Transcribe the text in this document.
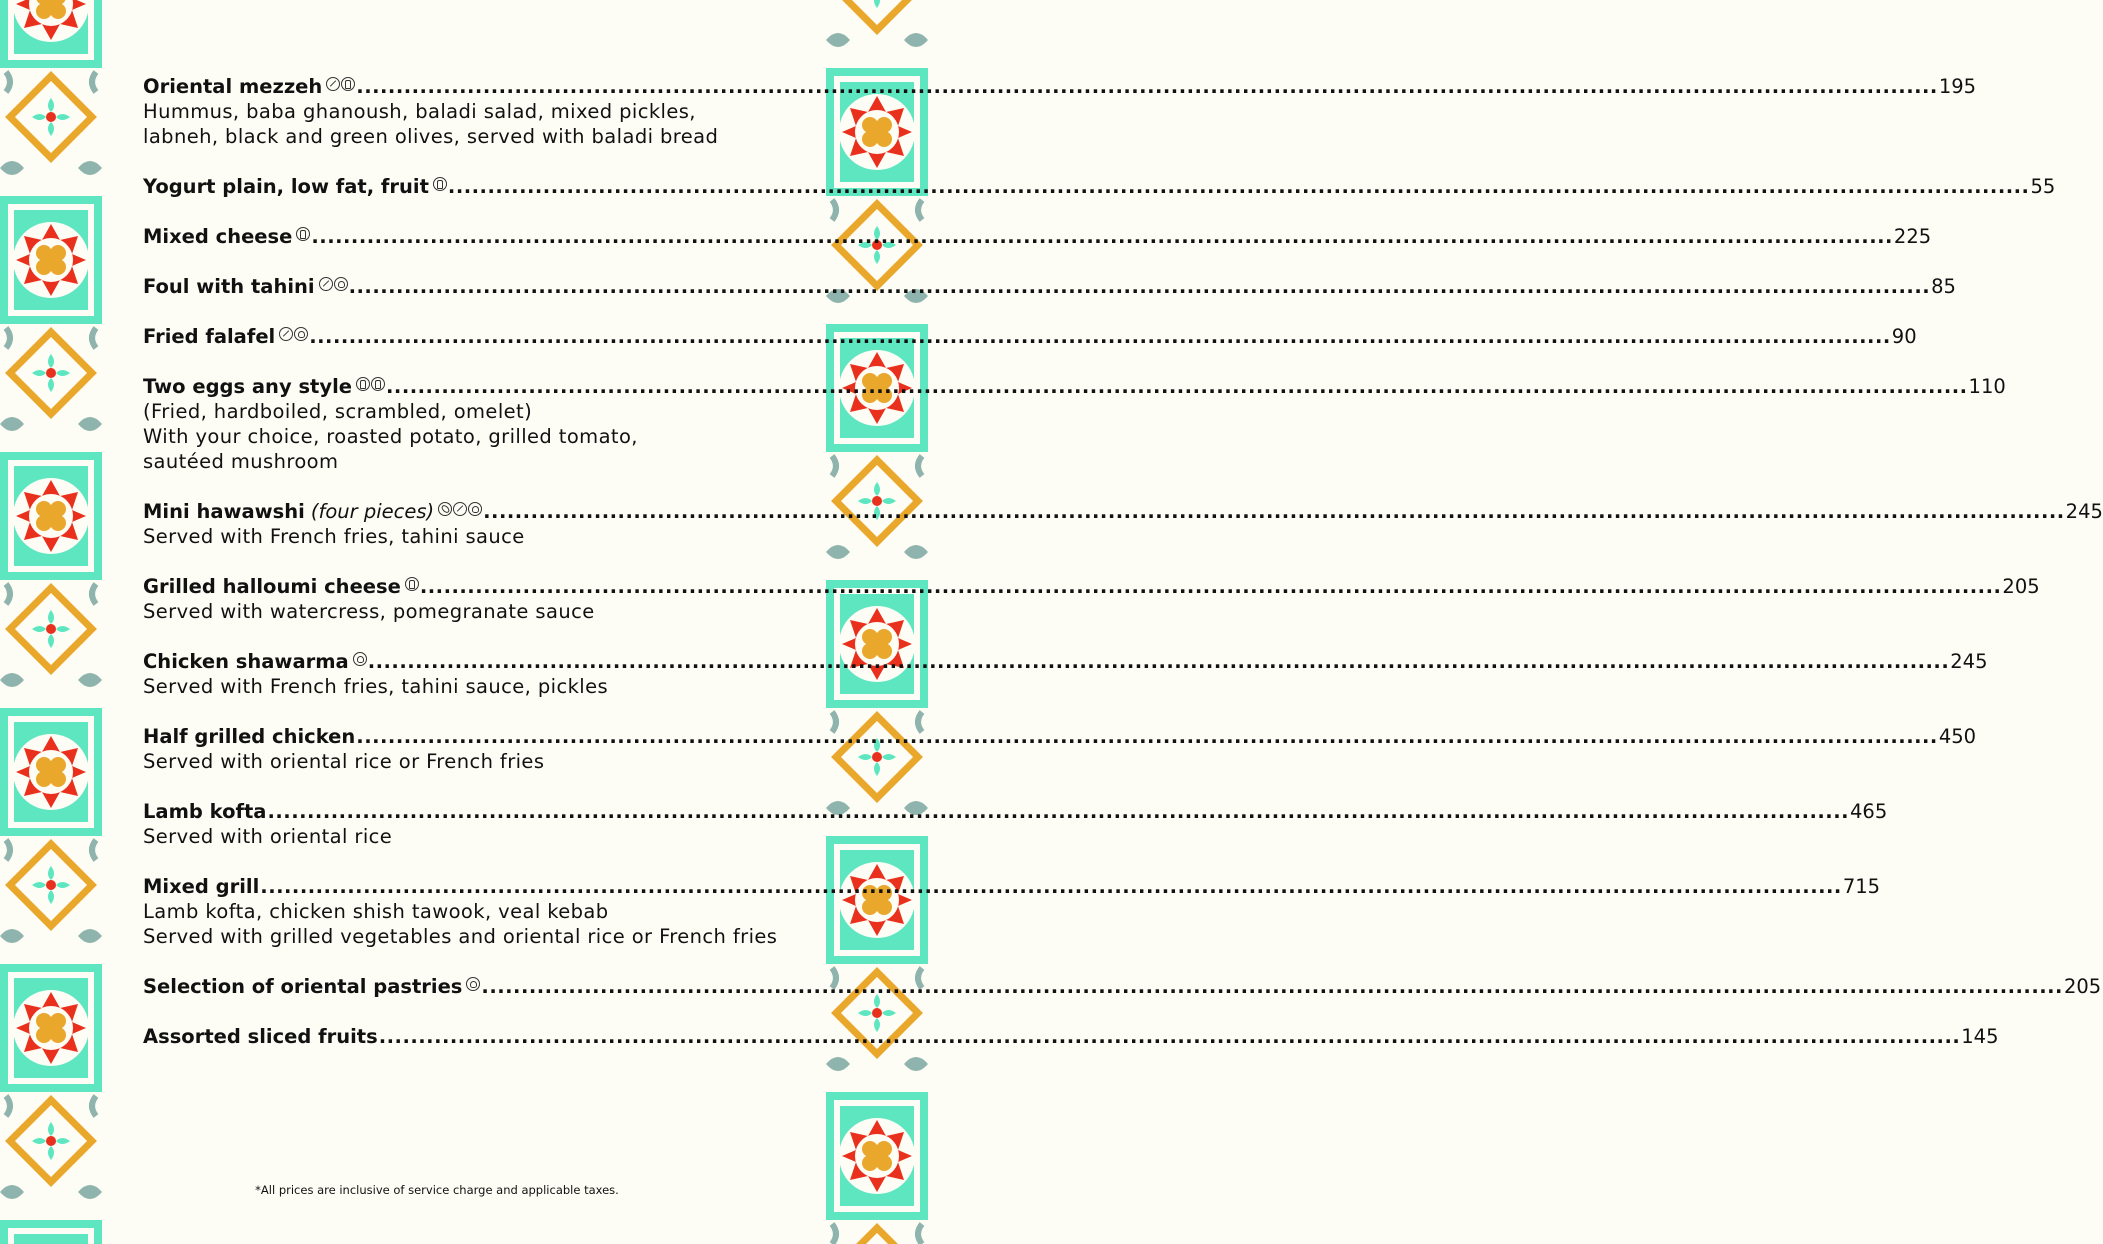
Oriental mezzeh ........................................................................................................................................................................................................ 195
Hummus, baba ghanoush, baladi salad, mixed pickles,
labneh, black and green olives, served with baladi bread
Yogurt plain, low fat, fruit ........................................................................................................................................................................................................ 55
Mixed cheese ........................................................................................................................................................................................................ 225
Foul with tahini ........................................................................................................................................................................................................ 85
Fried falafel ........................................................................................................................................................................................................ 90
Two eggs any style ........................................................................................................................................................................................................ 110
(Fried, hardboiled, scrambled, omelet)
With your choice, roasted potato, grilled tomato,
sautéed mushroom
Mini hawawshi (four pieces)	........................................................................................................................................................................................................ 245
Served with French fries, tahini sauce
Grilled halloumi cheese ........................................................................................................................................................................................................ 205
Served with watercress, pomegranate sauce
Chicken shawarma ........................................................................................................................................................................................................ 245
Served with French fries, tahini sauce, pickles
Half grilled chicken ........................................................................................................................................................................................................ 450
Served with oriental rice or French fries
Lamb kofta ........................................................................................................................................................................................................ 465
Served with oriental rice
Mixed grill ........................................................................................................................................................................................................ 715
Lamb kofta, chicken shish tawook, veal kebab
Served with grilled vegetables and oriental rice or French fries
Selection of oriental pastries ........................................................................................................................................................................................................ 205
Assorted sliced fruits ........................................................................................................................................................................................................ 145
*All prices are inclusive of service charge and applicable taxes.
